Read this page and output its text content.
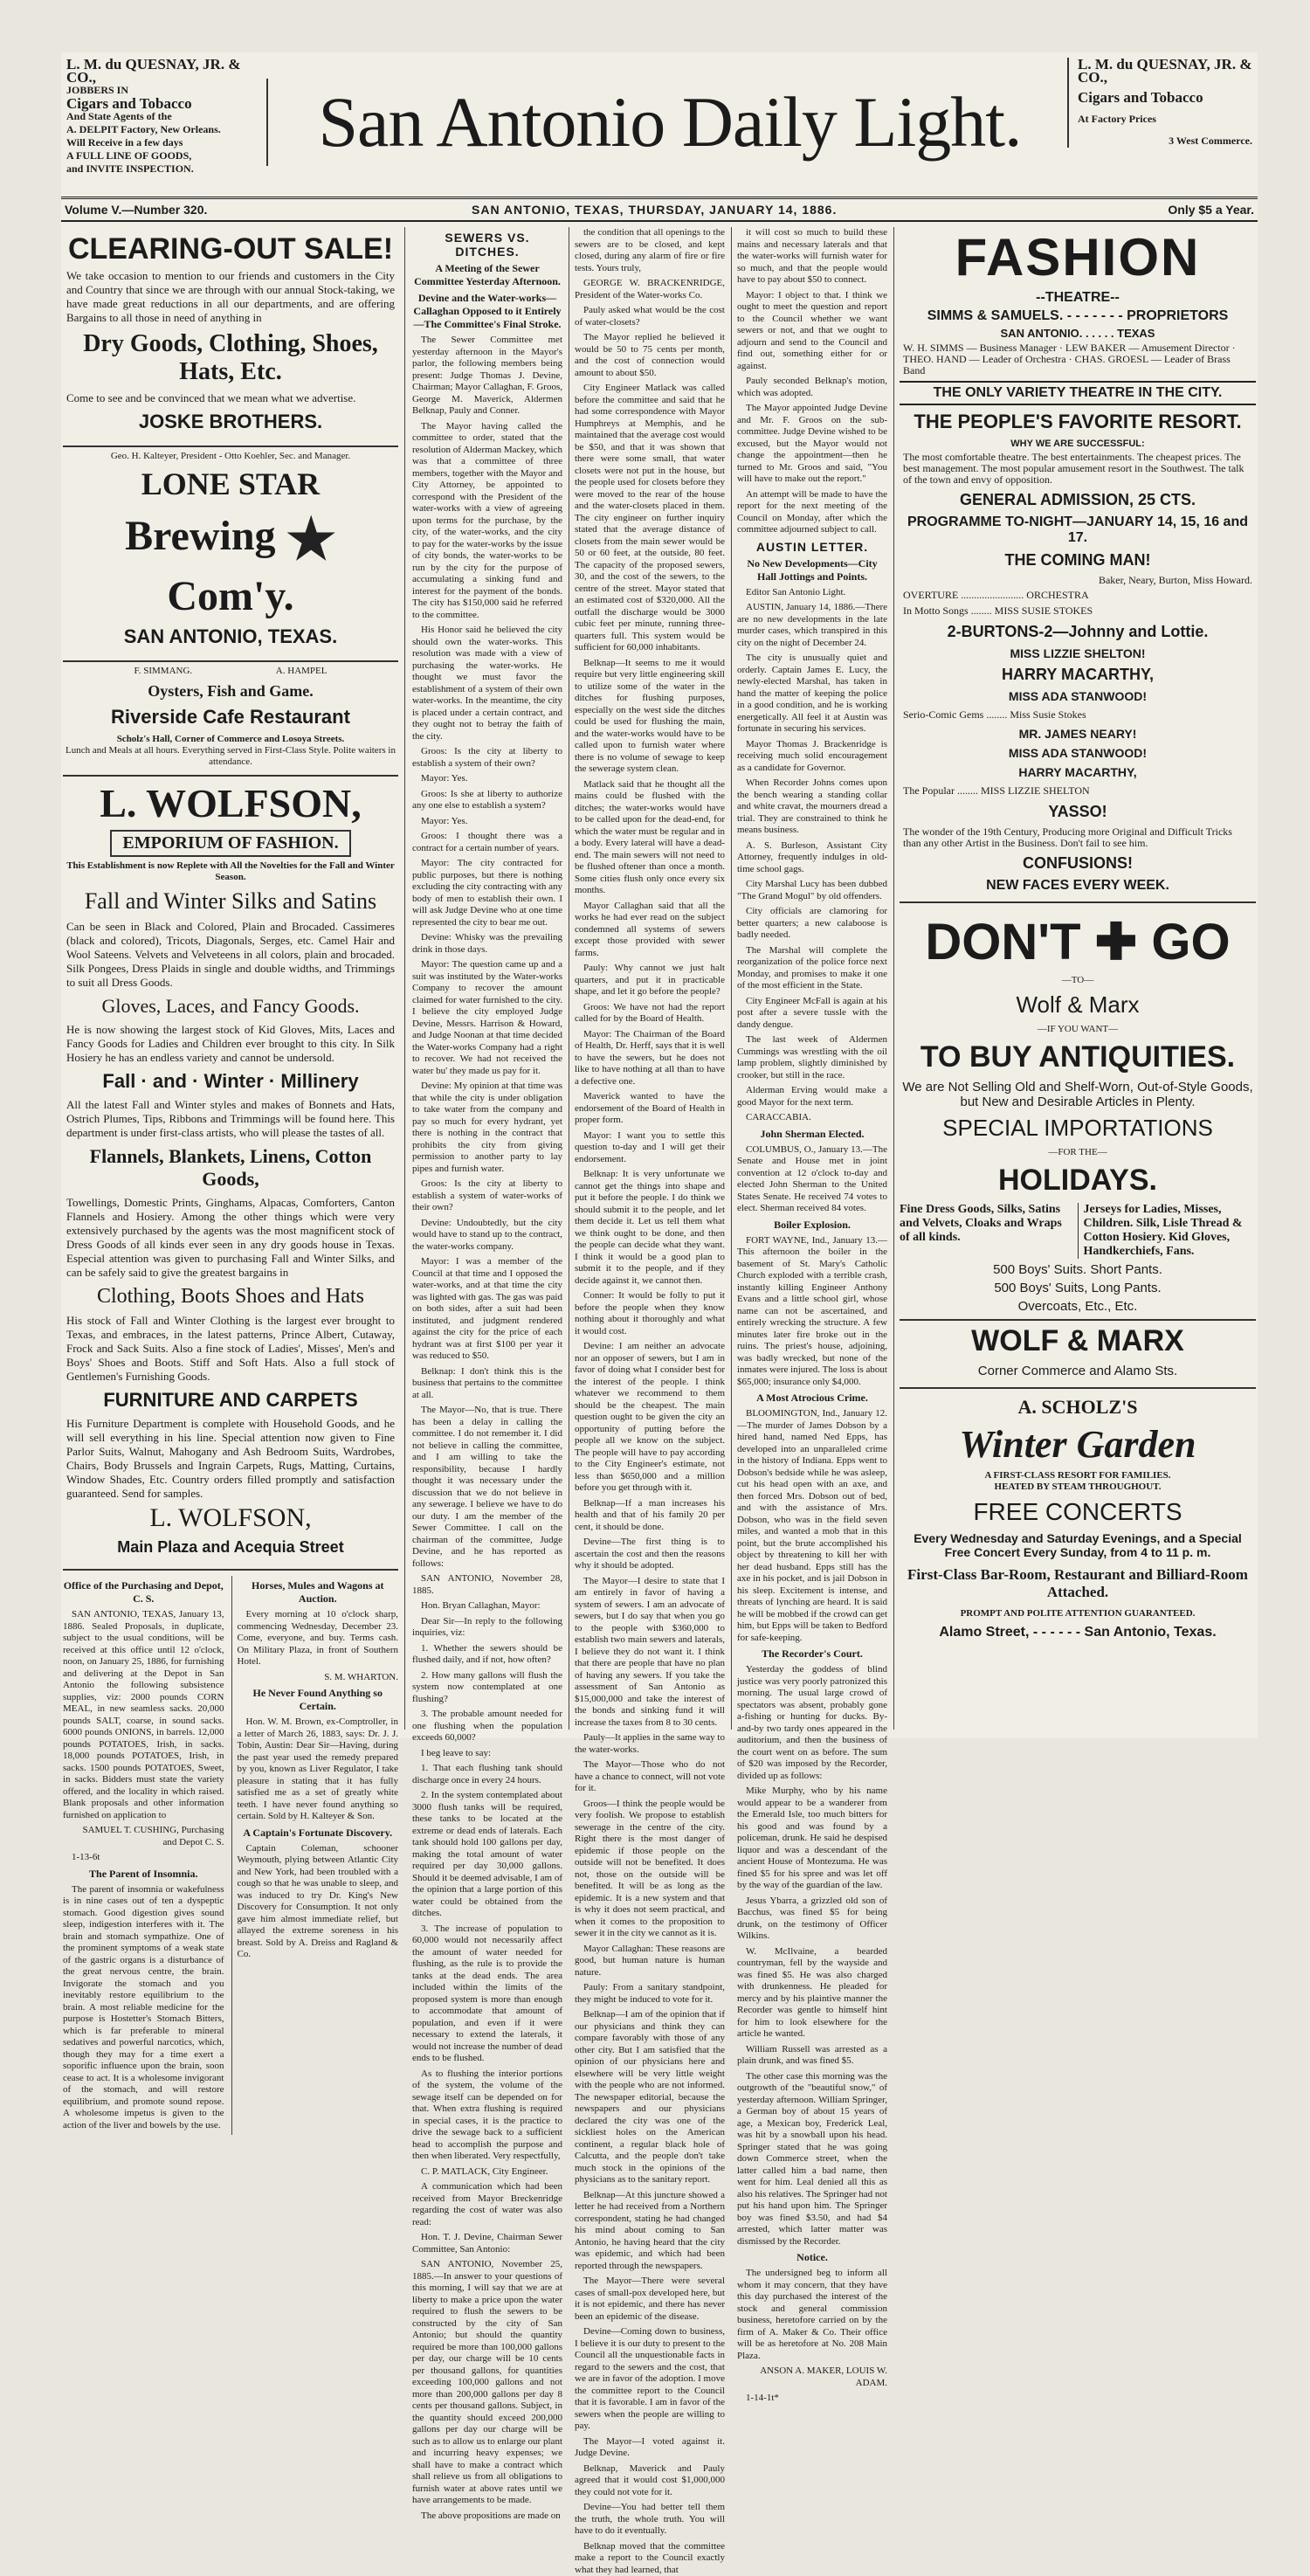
L. M. du QUESNAY, JR. & CO.,
JOBBERS IN
Cigars and Tobacco
And State Agents of the
A. DELPIT Factory, New Orleans.
Will Receive in a few days
A FULL LINE OF GOODS,
and INVITE INSPECTION.
San Antonio Daily Light.
L. M. du QUESNAY, JR. & CO.,
Cigars and Tobacco
At Factory Prices
3 West Commerce.
Volume V.—Number 320.	SAN ANTONIO, TEXAS, THURSDAY, JANUARY 14, 1886.	Only $5 a Year.
CLEARING-OUT SALE!

We take occasion to mention to our friends and customers in the City and Country that since we are through with our annual Stock-taking, we have made great reductions in all our departments, and are offering Bargains to all those in need of anything in

Dry Goods, Clothing, Shoes, Hats, Etc.

Come to see and be convinced that we mean what we advertise.

JOSKE BROTHERS.
Geo. H. Kalteyer, President - Otto Koehler, Sec. and Manager.
LONE STAR
Brewing ★ Com'y.
SAN ANTONIO, TEXAS.
F. SIMMANG.                                   A. HAMPEL
Oysters, Fish and Game.
Riverside Cafe Restaurant
Scholz's Hall, Corner of Commerce and Losoya Streets.
Lunch and Meals at all hours. Everything served in First-Class Style. Polite waiters in attendance.
L. WOLFSON,
EMPORIUM OF FASHION.
This Establishment is now Replete with All the Novelties for the Fall and Winter Season.
Fall and Winter Silks and Satins

Can be seen in Black and Colored, Plain and Brocaded. Cassimeres (black and colored), Tricots, Diagonals, Serges, etc. Camel Hair and Wool Sateens. Velvets and Velveteens in all colors, plain and brocaded. Silk Pongees, Dress Plaids in single and double widths, and Trimmings to suit all Dress Goods.

Gloves, Laces, and Fancy Goods.

He is now showing the largest stock of Kid Gloves, Mits, Laces and Fancy Goods for Ladies and Children ever brought to this city. In Silk Hosiery he has an endless variety and cannot be undersold.

Fall · and · Winter · Millinery

All the latest Fall and Winter styles and makes of Bonnets and Hats, Ostrich Plumes, Tips, Ribbons and Trimmings will be found here. This department is under first-class artists, who will please the tastes of all.

Flannels, Blankets, Linens, Cotton Goods,

Towellings, Domestic Prints, Ginghams, Alpacas, Comforters, Canton Flannels and Hosiery. Among the other things which were very extensively purchased by the agents was the most magnificent stock of Dress Goods of all kinds ever seen in any dry goods house in Texas. Especial attention was given to purchasing Fall and Winter Silks, and can be safely said to give the greatest bargains in

Clothing, Boots Shoes and Hats

His stock of Fall and Winter Clothing is the largest ever brought to Texas, and embraces, in the latest patterns, Prince Albert, Cutaway, Frock and Sack Suits. Also a fine stock of Ladies', Misses', Men's and Boys' Shoes and Boots. Stiff and Soft Hats. Also a full stock of Gentlemen's Furnishing Goods.

FURNITURE AND CARPETS

His Furniture Department is complete with Household Goods, and he will sell everything in his line. Special attention now given to Fine Parlor Suits, Walnut, Mahogany and Ash Bedroom Suits, Wardrobes, Chairs, Body Brussels and Ingrain Carpets, Rugs, Matting, Curtains, Window Shades, Etc. Country orders filled promptly and satisfaction guaranteed. Send for samples.

L. WOLFSON,
Main Plaza and Acequia Street
Office of the Purchasing and Depot, C. S.

SAN ANTONIO, TEXAS, January 13, 1886. Sealed Proposals, in duplicate, subject to the usual conditions, will be received at this office until 12 o'clock, noon, on January 25, 1886, for furnishing and delivering at the Depot in San Antonio the following subsistence supplies, viz: 2000 pounds CORN MEAL, in new seamless sacks. 20,000 pounds SALT, coarse, in sound sacks. 6000 pounds ONIONS, in barrels. 12,000 pounds POTATOES, Irish, in sacks. 18,000 pounds POTATOES, Irish, in sacks. 1500 pounds POTATOES, Sweet, in sacks. Bidders must state the variety offered, and the locality in which raised. Blank proposals and other information furnished on application to

SAMUEL T. CUSHING, Purchasing and Depot C. S.

1-13-6t

The Parent of Insomnia.

The parent of insomnia or wakefulness is in nine cases out of ten a dyspeptic stomach. Good digestion gives sound sleep, indigestion interferes with it. The brain and stomach sympathize. One of the prominent symptoms of a weak state of the gastric organs is a disturbance of the great nervous centre, the brain. Invigorate the stomach and you inevitably restore equilibrium to the brain. A most reliable medicine for the purpose is Hostetter's Stomach Bitters, which is far preferable to mineral sedatives and powerful narcotics, which, though they may for a time exert a soporific influence upon the brain, soon cease to act. It is a wholesome invigorant of the stomach, and will restore equilibrium, and promote sound repose. A wholesome impetus is given to the action of the liver and bowels by the use.

Horses, Mules and Wagons at Auction.

Every morning at 10 o'clock sharp, commencing Wednesday, December 23. Come, everyone, and buy. Terms cash. On Military Plaza, in front of Southern Hotel.

S. M. WHARTON.

He Never Found Anything so Certain.

Hon. W. M. Brown, ex-Comptroller, in a letter of March 26, 1883, says: Dr. J. J. Tobin, Austin: Dear Sir—Having, during the past year used the remedy prepared by you, known as Liver Regulator, I take pleasure in stating that it has fully satisfied me as a set of greatly white teeth. I have never found anything so certain. Sold by H. Kalteyer & Son.

A Captain's Fortunate Discovery.

Captain Coleman, schooner Weymouth, plying between Atlantic City and New York, had been troubled with a cough so that he was unable to sleep, and was induced to try Dr. King's New Discovery for Consumption. It not only gave him almost immediate relief, but allayed the extreme soreness in his breast. Sold by A. Dreiss and Ragland & Co.

SEWERS VS. DITCHES.
A Meeting of the Sewer Committee Yesterday Afternoon.
Devine and the Water-works—Callaghan Opposed to it Entirely—The Committee's Final Stroke.

The Sewer Committee met yesterday afternoon in the Mayor's parlor, the following members being present: Judge Thomas J. Devine, Chairman; Mayor Callaghan, F. Groos, George M. Maverick, Aldermen Belknap, Pauly and Conner.

The Mayor having called the committee to order, stated that the resolution of Alderman Mackey, which was that a committee of three members, together with the Mayor and City Attorney, be appointed to correspond with the President of the water-works with a view of agreeing upon terms for the purchase, by the city, of the water-works, and the city to pay for the water-works by the issue of city bonds, the water-works to be run by the city for the purpose of accumulating a sinking fund and interest for the payment of the bonds. The city has $150,000 said he referred to the committee.

His Honor said he believed the city should own the water-works. This resolution was made with a view of purchasing the water-works. He thought we must favor the establishment of a system of their own water-works. In the meantime, the city is placed under a certain contract, and they ought not to betray the faith of the city.

Groos: Is the city at liberty to establish a system of their own?

Mayor: Yes.

Groos: Is she at liberty to authorize any one else to establish a system?

Mayor: Yes.

Groos: I thought there was a contract for a certain number of years.

Mayor: The city contracted for public purposes, but there is nothing excluding the city contracting with any body of men to establish their own. I will ask Judge Devine who at one time represented the city to bear me out.

Devine: Whisky was the prevailing drink in those days.

Mayor: The question came up and a suit was instituted by the Water-works Company to recover the amount claimed for water furnished to the city. I believe the city employed Judge Devine, Messrs. Harrison & Howard, and Judge Noonan at that time decided the Water-works Company had a right to recover. We had not received the water bu' they made us pay for it.

Devine: My opinion at that time was that while the city is under obligation to take water from the company and pay so much for every hydrant, yet there is nothing in the contract that prohibits the city from giving permission to another party to lay pipes and furnish water.

Groos: Is the city at liberty to establish a system of water-works of their own?

Devine: Undoubtedly, but the city would have to stand up to the contract, the water-works company.

Mayor: I was a member of the Council at that time and I opposed the water-works, and at that time the city was lighted with gas. The gas was paid on both sides, after a suit had been instituted, and judgment rendered against the city for the price of each hydrant was at first $100 per year it was reduced to $50.

Belknap: I don't think this is the business that pertains to the committee at all.

The Mayor—No, that is true. There has been a delay in calling the committee. I do not remember it. I did not believe in calling the committee, and I am willing to take the responsibility, because I hardly thought it was necessary under the discussion that we do not believe in any sewerage. I believe we have to do our duty. I am the member of the Sewer Committee. I call on the chairman of the committee, Judge Devine, and he has reported as follows:

SAN ANTONIO, November 28, 1885.

Hon. Bryan Callaghan, Mayor:

Dear Sir—In reply to the following inquiries, viz:

1. Whether the sewers should be flushed daily, and if not, how often?

2. How many gallons will flush the system now contemplated at one flushing?

3. The probable amount needed for one flushing when the population exceeds 60,000?

I beg leave to say:

1. That each flushing tank should discharge once in every 24 hours.

2. In the system contemplated about 3000 flush tanks will be required, these tanks to be located at the extreme or dead ends of laterals. Each tank should hold 100 gallons per day, making the total amount of water required per day 30,000 gallons. Should it be deemed advisable, I am of the opinion that a large portion of this water could be obtained from the ditches.

3. The increase of population to 60,000 would not necessarily affect the amount of water needed for flushing, as the rule is to provide the tanks at the dead ends. The area included within the limits of the proposed system is more than enough to accommodate that amount of population, and even if it were necessary to extend the laterals, it would not increase the number of dead ends to be flushed.

As to flushing the interior portions of the system, the volume of the sewage itself can be depended on for that. When extra flushing is required in special cases, it is the practice to drive the sewage back to a sufficient head to accomplish the purpose and then when liberated. Very respectfully,

C. P. MATLACK, City Engineer.

A communication which had been received from Mayor Breckenridge regarding the cost of water was also read:

Hon. T. J. Devine, Chairman Sewer Committee, San Antonio:

SAN ANTONIO, November 25, 1885.—In answer to your questions of this morning, I will say that we are at liberty to make a price upon the water required to flush the sewers to be constructed by the city of San Antonio; but should the quantity required be more than 100,000 gallons per day, our charge will be 10 cents per thousand gallons, for quantities exceeding 100,000 gallons and not more than 200,000 gallons per day 8 cents per thousand gallons. Subject, in the quantity should exceed 200,000 gallons per day our charge will be such as to allow us to enlarge our plant and incurring heavy expenses; we shall have to make a contract which shall relieve us from all obligations to furnish water at above rates until we have arrangements to be made.

The above propositions are made on

the condition that all openings to the sewers are to be closed, and kept closed, during any alarm of fire or fire tests. Yours truly,

GEORGE W. BRACKENRIDGE, President of the Water-works Co.

Pauly asked what would be the cost of water-closets?

The Mayor replied he believed it would be 50 to 75 cents per month, and the cost of connection would amount to about $50.

City Engineer Matlack was called before the committee and said that he had some correspondence with Mayor Humphreys at Memphis, and he maintained that the average cost would be $50, and that it was shown that there were some small, that water closets were not put in the house, but the people used for closets before they were moved to the rear of the house and the water-closets placed in them. The city engineer on further inquiry stated that the average distance of closets from the main sewer would be 50 or 60 feet, at the outside, 80 feet. The capacity of the proposed sewers, 30, and the cost of the sewers, to the centre of the street. Mayor stated that an estimated cost of $320,000. All the outfall the discharge would be 3000 cubic feet per minute, running three-quarters full. This system would be sufficient for 60,000 inhabitants.

Belknap—It seems to me it would require but very little engineering skill to utilize some of the water in the ditches for flushing purposes, especially on the west side the ditches could be used for flushing the main, and the water-works would have to be called upon to furnish water where there is no volume of sewage to keep the sewerage system clean.

Matlack said that he thought all the mains could be flushed with the ditches; the water-works would have to be called upon for the dead-end, for which the water must be regular and in a body. Every lateral will have a dead-end. The main sewers will not need to be flushed oftener than once a month. Some cities flush only once every six months.

Mayor Callaghan said that all the works he had ever read on the subject condemned all systems of sewers except those provided with sewer farms.

Pauly: Why cannot we just halt quarters, and put it in practicable shape, and let it go before the people?

Groos: We have not had the report called for by the Board of Health.

Mayor: The Chairman of the Board of Health, Dr. Herff, says that it is well to have the sewers, but he does not like to have nothing at all than to have a defective one.

Maverick wanted to have the endorsement of the Board of Health in proper form.

Mayor: I want you to settle this question to-day and I will get their endorsement.

Belknap: It is very unfortunate we cannot get the things into shape and put it before the people. I do think we should submit it to the people, and let them decide it. Let us tell them what we think ought to be done, and then the people can decide what they want. I think it would be a good plan to submit it to the people, and if they decide against it, we cannot then.

Conner: It would be folly to put it before the people when they know nothing about it thoroughly and what it would cost.

Devine: I am neither an advocate nor an opposer of sewers, but I am in favor of doing what I consider best for the interest of the people. I think whatever we recommend to them should be the cheapest. The main question ought to be given the city an opportunity of putting before the people all we know on the subject. The people will have to pay according to the City Engineer's estimate, not less than $650,000 and a million before you get through with it.

Belknap—If a man increases his health and that of his family 20 per cent, it should be done.

Devine—The first thing is to ascertain the cost and then the reasons why it should be adopted.

The Mayor—I desire to state that I am entirely in favor of having a system of sewers. I am an advocate of sewers, but I do say that when you go to the people with $360,000 to establish two main sewers and laterals, I believe they do not want it. I think that there are people that have no plan of having any sewers. If you take the assessment of San Antonio as $15,000,000 and take the interest of the bonds and sinking fund it will increase the taxes from 8 to 30 cents.

Pauly—It applies in the same way to the water-works.

The Mayor—Those who do not have a chance to connect, will not vote for it.

Groos—I think the people would be very foolish. We propose to establish sewerage in the centre of the city. Right there is the most danger of epidemic if those people on the outside will not be benefited. It does not, those on the outside will be benefited. It will be as long as the epidemic. It is a new system and that is why it does not seem practical, and when it comes to the proposition to sewer it in the city we cannot as it is.

Mayor Callaghan: These reasons are good, but human nature is human nature.

Pauly: From a sanitary standpoint, they might be induced to vote for it.

Belknap—I am of the opinion that if our physicians and think they can compare favorably with those of any other city. But I am satisfied that the opinion of our physicians here and elsewhere will be very little weight with the people who are not informed. The newspaper editorial, because the newspapers and our physicians declared the city was one of the sickliest holes on the American continent, a regular black hole of Calcutta, and the people don't take much stock in the opinions of the physicians as to the sanitary report.

Belknap—At this juncture showed a letter he had received from a Northern correspondent, stating he had changed his mind about coming to San Antonio, he having heard that the city was epidemic, and which had been reported through the newspapers.

The Mayor—There were several cases of small-pox developed here, but it is not epidemic, and there has never been an epidemic of the disease.

Devine—Coming down to business, I believe it is our duty to present to the Council all the unquestionable facts in regard to the sewers and the cost, that we are in favor of the adoption. I move the committee report to the Council that it is favorable. I am in favor of the sewers when the people are willing to pay.

The Mayor—I voted against it. Judge Devine.

Belknap, Maverick and Pauly agreed that it would cost $1,000,000 they could not vote for it.

Devine—You had better tell them the truth, the whole truth. You will have to do it eventually.

Belknap moved that the committee make a report to the Council exactly what they had learned, that

it will cost so much to build these mains and necessary laterals and that the water-works will furnish water for so much, and that the people would have to pay about $50 to connect.

Mayor: I object to that. I think we ought to meet the question and report to the Council whether we want sewers or not, and that we ought to adjourn and send to the Council and find out, something either for or against.

Pauly seconded Belknap's motion, which was adopted.

The Mayor appointed Judge Devine and Mr. F. Groos on the sub-committee. Judge Devine wished to be excused, but the Mayor would not change the appointment—then he turned to Mr. Groos and said, "You will have to make out the report."

An attempt will be made to have the report for the next meeting of the Council on Monday, after which the committee adjourned subject to call.

AUSTIN LETTER.
No New Developments—City Hall Jottings and Points.

Editor San Antonio Light.

AUSTIN, January 14, 1886.—There are no new developments in the late murder cases, which transpired in this city on the night of December 24.

The city is unusually quiet and orderly. Captain James E. Lucy, the newly-elected Marshal, has taken in hand the matter of keeping the police in a good condition, and he is working energetically. All feel it at Austin was fortunate in securing his services.

Mayor Thomas J. Brackenridge is receiving much solid encouragement as a candidate for Governor.

When Recorder Johns comes upon the bench wearing a standing collar and white cravat, the mourners dread a trial. They are constrained to think he means business.

A. S. Burleson, Assistant City Attorney, frequently indulges in old-time school gags.

City Marshal Lucy has been dubbed "The Grand Mogul" by old offenders.

City officials are clamoring for better quarters; a new calaboose is badly needed.

The Marshal will complete the reorganization of the police force next Monday, and promises to make it one of the most efficient in the State.

City Engineer McFall is again at his post after a severe tussle with the dandy dengue.

The last week of Aldermen Cummings was wrestling with the oil lamp problem, slightly diminished by crooker, but still in the race.

Alderman Erving would make a good Mayor for the next term.

CARACCABIA.

John Sherman Elected.

COLUMBUS, O., January 13.—The Senate and House met in joint convention at 12 o'clock to-day and elected John Sherman to the United States Senate. He received 74 votes to elect. Sherman received 84 votes.

Boiler Explosion.

FORT WAYNE, Ind., January 13.—This afternoon the boiler in the basement of St. Mary's Catholic Church exploded with a terrible crash, instantly killing Engineer Anthony Evans and a little school girl, whose name can not be ascertained, and entirely wrecking the structure. A few minutes later fire broke out in the ruins. The priest's house, adjoining, was badly wrecked, but none of the inmates were injured. The loss is about $65,000; insurance only $4,000.

A Most Atrocious Crime.

BLOOMINGTON, Ind., January 12.—The murder of James Dobson by a hired hand, named Ned Epps, has developed into an unparalleled crime in the history of Indiana. Epps went to Dobson's bedside while he was asleep, cut his head open with an axe, and then forced Mrs. Dobson out of bed, and with the assistance of Mrs. Dobson, who was in the field seven miles, and wanted a mob that in this point, but the brute accomplished his object by threatening to kill her with her dead husband. Epps still has the axe in his pocket, and is jail Dobson in his sleep. Excitement is intense, and threats of lynching are heard. It is said he will be mobbed if the crowd can get him, but Epps will be taken to Bedford for safe-keeping.

The Recorder's Court.

Yesterday the goddess of blind justice was very poorly patronized this morning. The usual large crowd of spectators was absent, probably gone a-fishing or hunting for ducks. By-and-by two tardy ones appeared in the auditorium, and then the business of the court went on as before. The sum of $20 was imposed by the Recorder, divided up as follows:

Mike Murphy, who by his name would appear to be a wanderer from the Emerald Isle, too much bitters for his good and was found by a policeman, drunk. He said he despised liquor and was a descendant of the ancient House of Montezuma. He was fined $5 for his spree and was let off by the way of the guardian of the law.

Jesus Ybarra, a grizzled old son of Bacchus, was fined $5 for being drunk, on the testimony of Officer Wilkins.

W. McIlvaine, a bearded countryman, fell by the wayside and was fined $5. He was also charged with drunkenness. He pleaded for mercy and by his plaintive manner the Recorder was gentle to himself hint for him to look elsewhere for the article he wanted.

William Russell was arrested as a plain drunk, and was fined $5.

The other case this morning was the outgrowth of the "beautiful snow," of yesterday afternoon. William Springer, a German boy of about 15 years of age, a Mexican boy, Frederick Leal, was hit by a snowball upon his head. Springer stated that he was going down Commerce street, when the latter called him a bad name, then went for him. Leal denied all this as also his relatives. The Springer had not put his hand upon him. The Springer boy was fined $3.50, and had $4 arrested, which latter matter was dismissed by the Recorder.

Notice.

The undersigned beg to inform all whom it may concern, that they have this day purchased the interest of the stock and general commission business, heretofore carried on by the firm of A. Maker & Co. Their office will be as heretofore at No. 208 Main Plaza.

ANSON A. MAKER, LOUIS W. ADAM.

1-14-1t*

FASHION
--THEATRE--
SIMMS & SAMUELS. - - - - - - - PROPRIETORS
SAN ANTONIO. . . . . . TEXAS
W. H. SIMMS — Business Manager · LEW BAKER — Amusement Director · THEO. HAND — Leader of Orchestra · CHAS. GROESL — Leader of Brass Band
THE ONLY VARIETY THEATRE IN THE CITY.
THE PEOPLE'S FAVORITE RESORT.
WHY WE ARE SUCCESSFUL:
The most comfortable theatre. The best entertainments. The cheapest prices. The best management. The most popular amusement resort in the Southwest. The talk of the town and envy of opposition.
GENERAL ADMISSION, 25 CTS.
PROGRAMME TO-NIGHT—JANUARY 14, 15, 16 and 17.
THE COMING MAN!
Baker, Neary, Burton, Miss Howard.
OVERTURE ........................ ORCHESTRA
In Motto Songs ........ MISS SUSIE STOKES
2-BURTONS-2—Johnny and Lottie.
MISS LIZZIE SHELTON!
HARRY MACARTHY,
MISS ADA STANWOOD!
Serio-Comic Gems ........ Miss Susie Stokes
MR. JAMES NEARY!
MISS ADA STANWOOD!
HARRY MACARTHY,
The Popular ........ MISS LIZZIE SHELTON
YASSO!
The wonder of the 19th Century, Producing more Original and Difficult Tricks than any other Artist in the Business. Don't fail to see him.
CONFUSIONS!
NEW FACES EVERY WEEK.
DON'T ✚ GO
—TO—
Wolf & Marx
—IF YOU WANT—
TO BUY ANTIQUITIES.

We are Not Selling Old and Shelf-Worn, Out-of-Style Goods, but New and Desirable Articles in Plenty.

SPECIAL IMPORTATIONS
—FOR THE—
HOLIDAYS.
Fine Dress Goods, Silks, Satins and Velvets, Cloaks and Wraps of all kinds.
Jerseys for Ladies, Misses, Children. Silk, Lisle Thread & Cotton Hosiery. Kid Gloves, Handkerchiefs, Fans.

500 Boys' Suits. Short Pants.

500 Boys' Suits, Long Pants.

Overcoats, Etc., Etc.

WOLF & MARX

Corner Commerce and Alamo Sts.

A. SCHOLZ'S
Winter Garden
A FIRST-CLASS RESORT FOR FAMILIES.
HEATED BY STEAM THROUGHOUT.
FREE CONCERTS
Every Wednesday and Saturday Evenings, and a Special Free Concert Every Sunday, from 4 to 11 p. m.
First-Class Bar-Room, Restaurant and Billiard-Room Attached.
PROMPT AND POLITE ATTENTION GUARANTEED.
Alamo Street, - - - - - - San Antonio, Texas.
